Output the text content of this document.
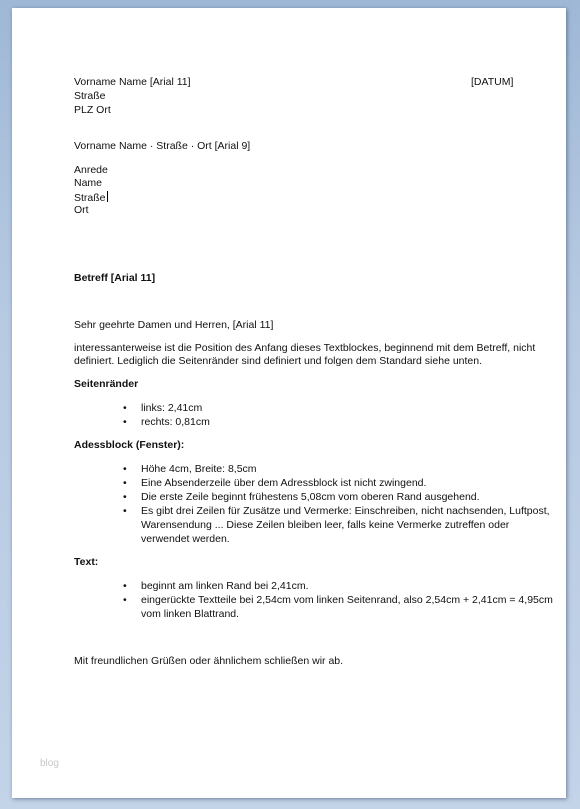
Vorname Name [Arial 11]	[DATUM]
Straße
PLZ Ort
Vorname Name · Straße · Ort [Arial 9]
Anrede
Name
Straße
Ort
Betreff [Arial 11]
Sehr geehrte Damen und Herren, [Arial 11]
interessanterweise ist die Position des Anfang dieses Textblockes, beginnend mit dem Betreff, nicht
definiert. Lediglich die Seitenränder sind definiert und folgen dem Standard siehe unten.
Seitenränder
• links: 2,41cm
• rechts: 0,81cm
Adessblock (Fenster):
• Höhe 4cm, Breite: 8,5cm
• Eine Absenderzeile über dem Adressblock ist nicht zwingend.
• Die erste Zeile beginnt frühestens 5,08cm vom oberen Rand ausgehend.
• Es gibt drei Zeilen für Zusätze und Vermerke: Einschreiben, nicht nachsenden, Luftpost,
Warensendung ... Diese Zeilen bleiben leer, falls keine Vermerke zutreffen oder
verwendet werden.
Text:
• beginnt am linken Rand bei 2,41cm.
• eingerückte Textteile bei 2,54cm vom linken Seitenrand, also 2,54cm + 2,41cm = 4,95cm
vom linken Blattrand.
Mit freundlichen Grüßen oder ähnlichem schließen wir ab.
blog
